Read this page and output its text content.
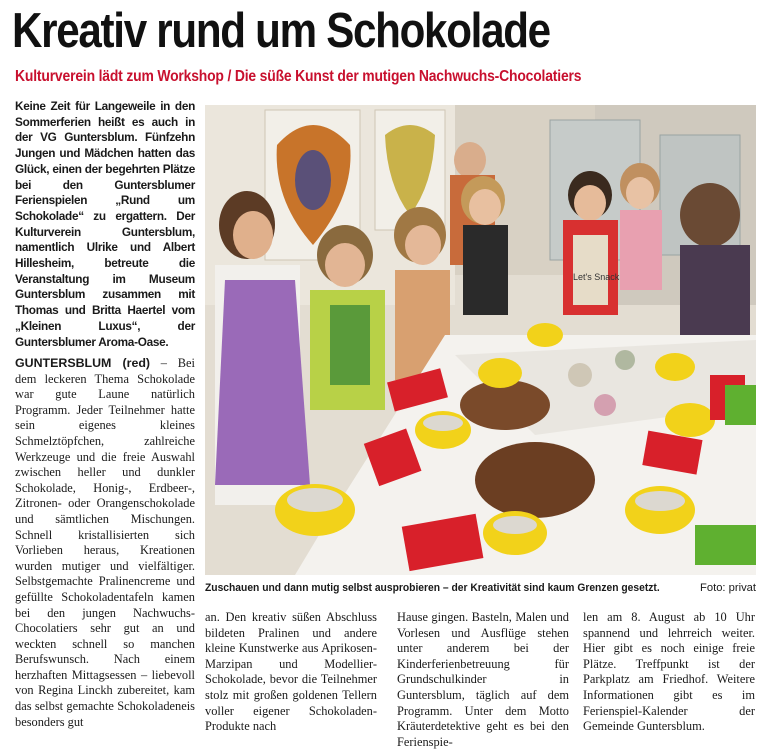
Kreativ rund um Schokolade
Kulturverein lädt zum Workshop / Die süße Kunst der mutigen Nachwuchs-Chocolatiers
Keine Zeit für Langeweile in den Sommerferien heißt es auch in der VG Guntersblum. Fünfzehn Jungen und Mädchen hatten das Glück, einen der begehrten Plätze bei den Guntersblumer Ferienspielen „Rund um Schokolade“ zu ergattern. Der Kulturverein Guntersblum, namentlich Ulrike und Albert Hillesheim, betreute die Veranstaltung im Museum Guntersblum zusammen mit Thomas und Britta Haertel vom „Kleinen Luxus“, der Guntersblumer Aroma-Oase.

GUNTERSBLUM (red) – Bei dem leckeren Thema Schokolade war gute Laune natürlich Programm. Jeder Teilnehmer hatte sein eigenes kleines Schmelztöpfchen, zahlreiche Werkzeuge und die freie Auswahl zwischen heller und dunkler Schokolade, Honig-, Erdbeer-, Zitronen- oder Orangenschokolade und sämtlichen Mischungen. Schnell kristallisierten sich Vorlieben heraus, Kreationen wurden mutiger und vielfältiger. Selbstgemachte Pralinencreme und gefüllte Schokoladentafeln kamen bei den jungen Nachwuchs-Chocolatiers sehr gut an und weckten schnell so manchen Berufswunsch. Nach einem herzhaften Mittagsessen – liebevoll von Regina Linckh zubereitet, kam das selbst gemachte Schokoladeneis besonders gut

Let's Snack
Zuschauen und dann mutig selbst ausprobieren – der Kreativität sind kaum Grenzen gesetzt.	Foto: privat
an. Den kreativ süßen Abschluss bildeten Pralinen und andere kleine Kunstwerke aus Aprikosen-Marzipan und Modellier-Schokolade, bevor die Teilnehmer stolz mit großen goldenen Tellern voller eigener Schokoladen-Produkte nach
Hause gingen. Basteln, Malen und Vorlesen und Ausflüge stehen unter anderem bei der Kinderferienbetreuung für Grundschulkinder in Guntersblum, täglich auf dem Programm. Unter dem Motto Kräuterdetektive geht es bei den Ferienspie-
len am 8. August ab 10 Uhr spannend und lehrreich weiter. Hier gibt es noch einige freie Plätze. Treffpunkt ist der Parkplatz am Friedhof. Weitere Informationen gibt es im Ferienspiel-Kalender der Gemeinde Guntersblum.
